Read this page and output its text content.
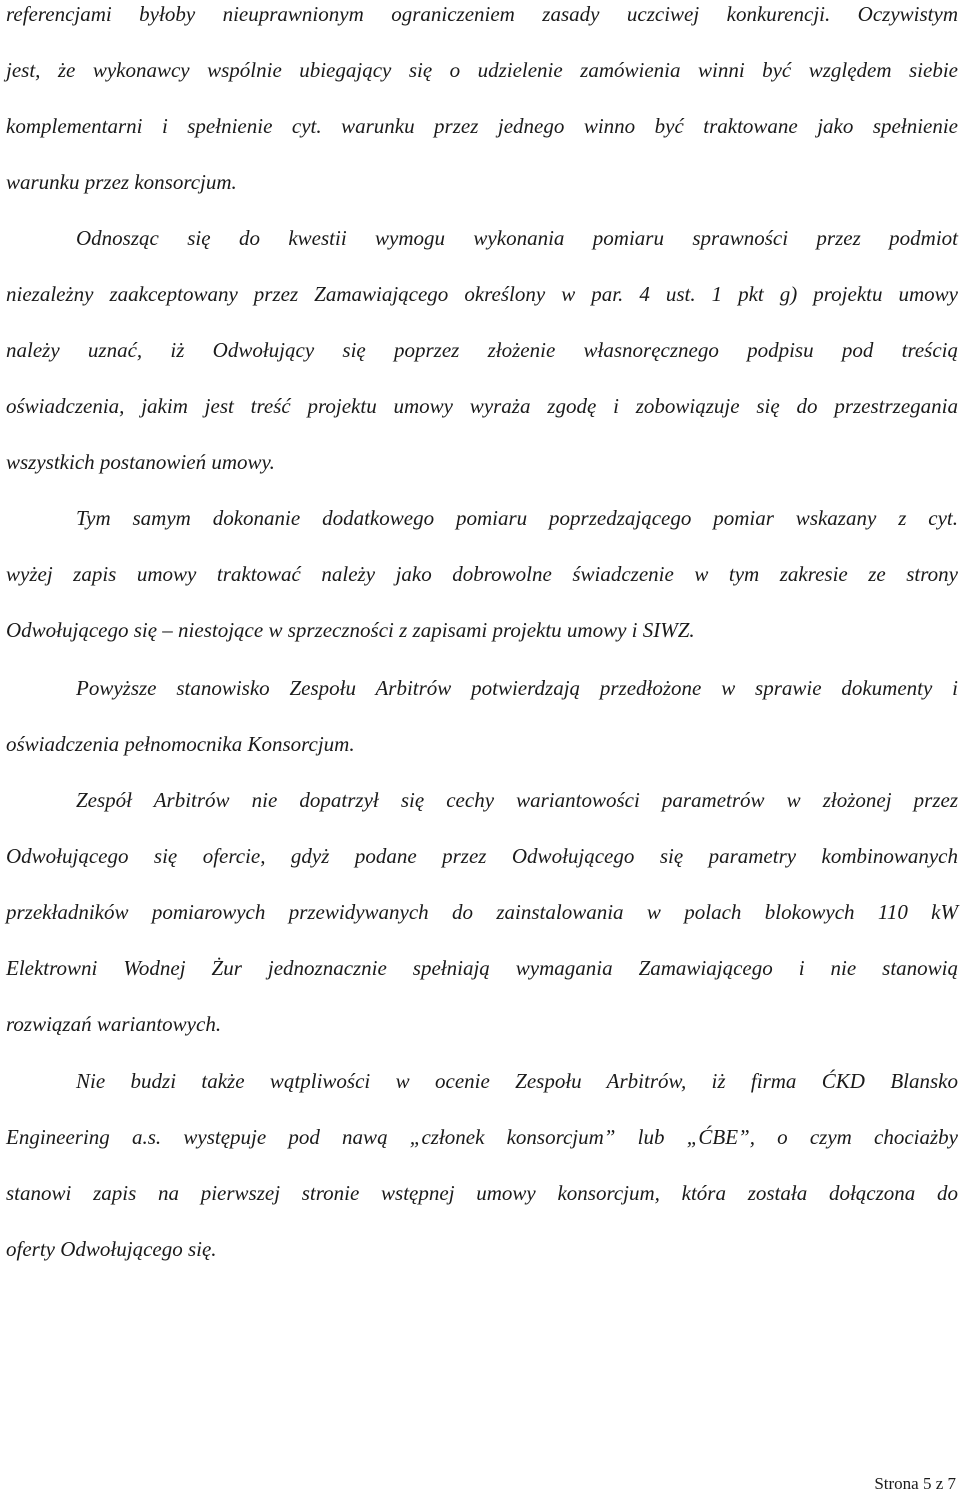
referencjami byłoby nieuprawnionym ograniczeniem zasady uczciwej konkurencji. Oczywistym
jest, że wykonawcy wspólnie ubiegający się o udzielenie zamówienia winni być względem siebie
komplementarni i spełnienie cyt. warunku przez jednego winno być traktowane jako spełnienie
warunku przez konsorcjum.
Odnosząc się do kwestii wymogu wykonania pomiaru sprawności przez podmiot
niezależny zaakceptowany przez Zamawiającego określony w par. 4 ust. 1 pkt g) projektu umowy
należy uznać, iż Odwołujący się poprzez złożenie własnoręcznego podpisu pod treścią
oświadczenia, jakim jest treść projektu umowy wyraża zgodę i zobowiązuje się do przestrzegania
wszystkich postanowień umowy.
Tym samym dokonanie dodatkowego pomiaru poprzedzającego pomiar wskazany z cyt.
wyżej zapis umowy traktować należy jako dobrowolne świadczenie w tym zakresie ze strony
Odwołującego się – niestojące w sprzeczności z zapisami projektu umowy i SIWZ.
Powyższe stanowisko Zespołu Arbitrów potwierdzają przedłożone w sprawie dokumenty i
oświadczenia pełnomocnika Konsorcjum.
Zespół Arbitrów nie dopatrzył się cechy wariantowości parametrów w złożonej przez
Odwołującego się ofercie, gdyż podane przez Odwołującego się parametry kombinowanych
przekładników pomiarowych przewidywanych do zainstalowania w polach blokowych 110 kW
Elektrowni Wodnej Żur jednoznacznie spełniają wymagania Zamawiającego i nie stanowią
rozwiązań wariantowych.
Nie budzi także wątpliwości w ocenie Zespołu Arbitrów, iż firma ĆKD Blansko
Engineering a.s. występuje pod nawą „członek konsorcjum” lub „ĆBE”, o czym chociażby
stanowi zapis na pierwszej stronie wstępnej umowy konsorcjum, która została dołączona do
oferty Odwołującego się.
Strona 5 z 7
